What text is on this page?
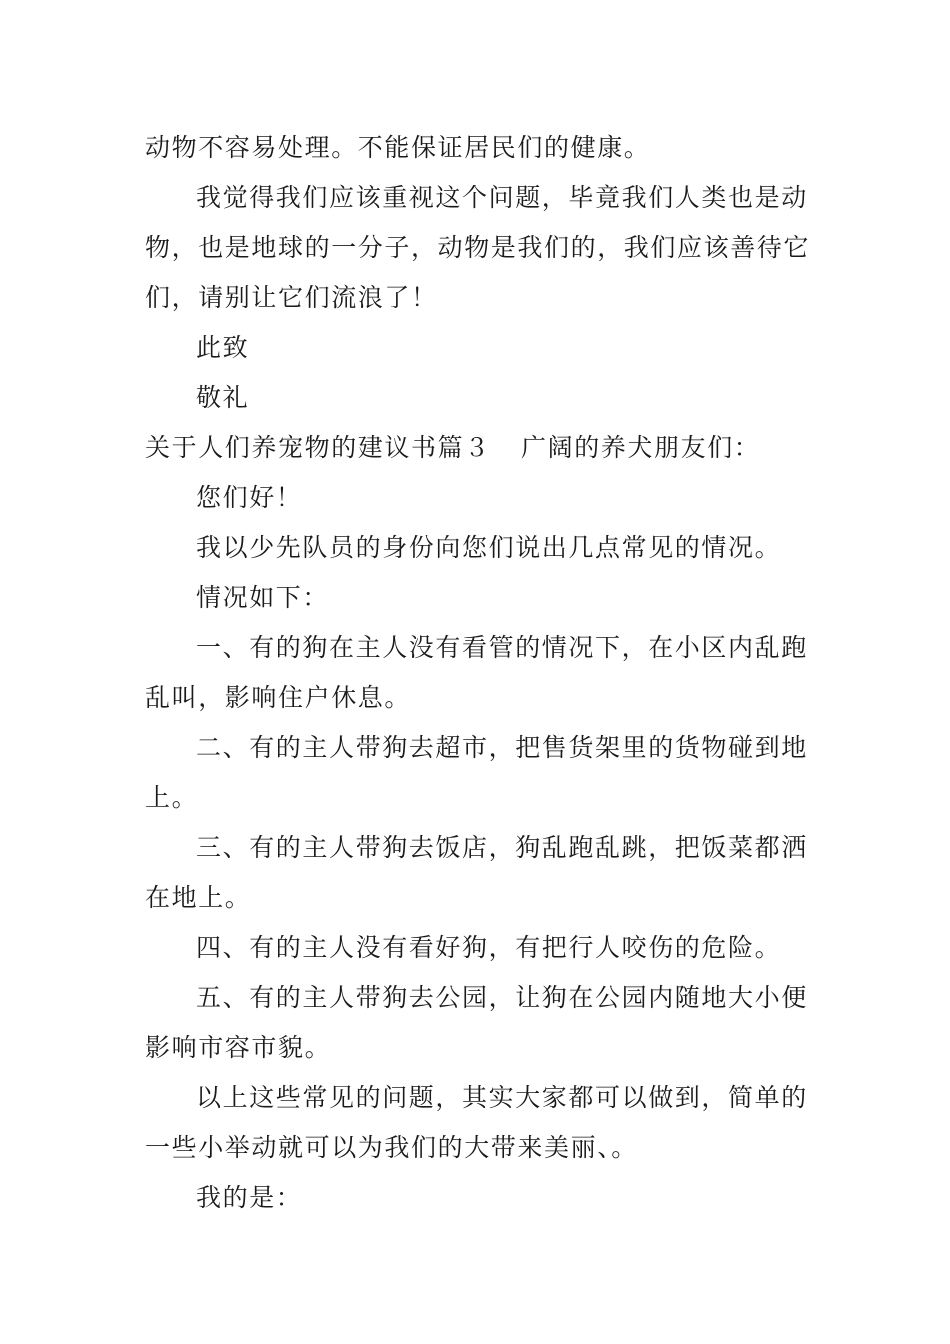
动物不容易处理。不能保证居民们的健康。
我觉得我们应该重视这个问题，毕竟我们人类也是动
物，也是地球的一分子，动物是我们的，我们应该善待它
们，请别让它们流浪了！
此致
敬礼
关于人们养宠物的建议书篇３	广阔的养犬朋友们：
您们好！
我以少先队员的身份向您们说出几点常见的情况。
情况如下：
一、有的狗在主人没有看管的情况下，在小区内乱跑
乱叫，影响住户休息。
二、有的主人带狗去超市，把售货架里的货物碰到地
上。
三、有的主人带狗去饭店，狗乱跑乱跳，把饭菜都洒
在地上。
四、有的主人没有看好狗，有把行人咬伤的危险。
五、有的主人带狗去公园，让狗在公园内随地大小便
影响市容市貌。
以上这些常见的问题，其实大家都可以做到，简单的
一些小举动就可以为我们的大带来美丽、。
我的是：
